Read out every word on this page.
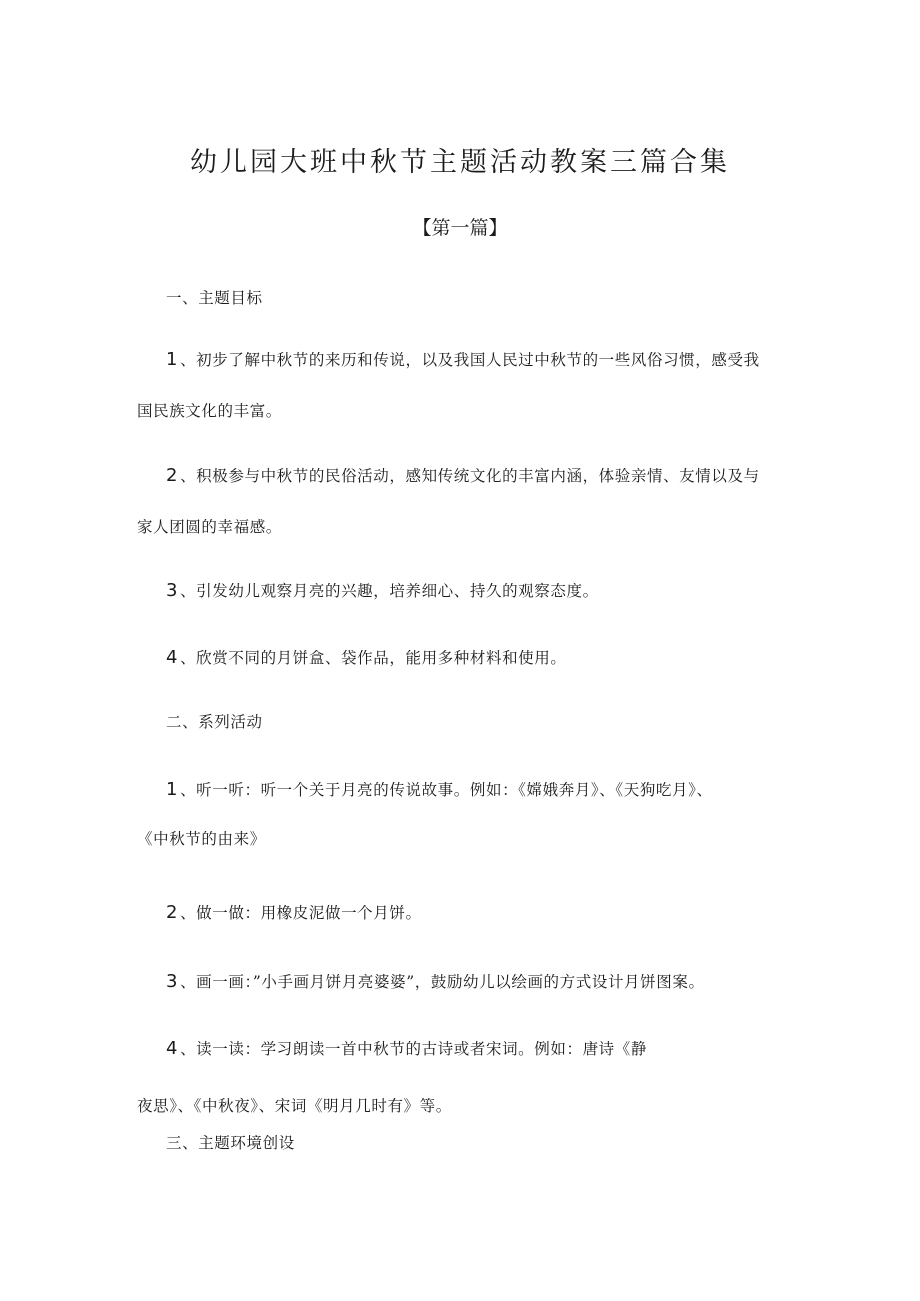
幼儿园大班中秋节主题活动教案三篇合集
【第一篇】
一、主题目标
1 、初步了解中秋节的来历和传说，以及我国人民过中秋节的一些风俗习惯，感受我
国民族文化的丰富。
2 、积极参与中秋节的民俗活动，感知传统文化的丰富内涵，体验亲情、友情以及与
家人团圆的幸福感。
3 、引发幼儿观察月亮的兴趣，培养细心、持久的观察态度。
4 、欣赏不同的月饼盒、袋作品，能用多种材料和使用。
二、系列活动
1 、听一听：听一个关于月亮的传说故事。例如：《嫦娥奔月》、《天狗吃月》、
《中秋节的由来》
2 、做一做：用橡皮泥做一个月饼。
3 、画一画：”小手画月饼月亮婆婆”，鼓励幼儿以绘画的方式设计月饼图案。
4 、读一读：学习朗读一首中秋节的古诗或者宋词。例如：唐诗《静
夜思》、《中秋夜》、宋词《明月几时有》等。
三、主题环境创设
